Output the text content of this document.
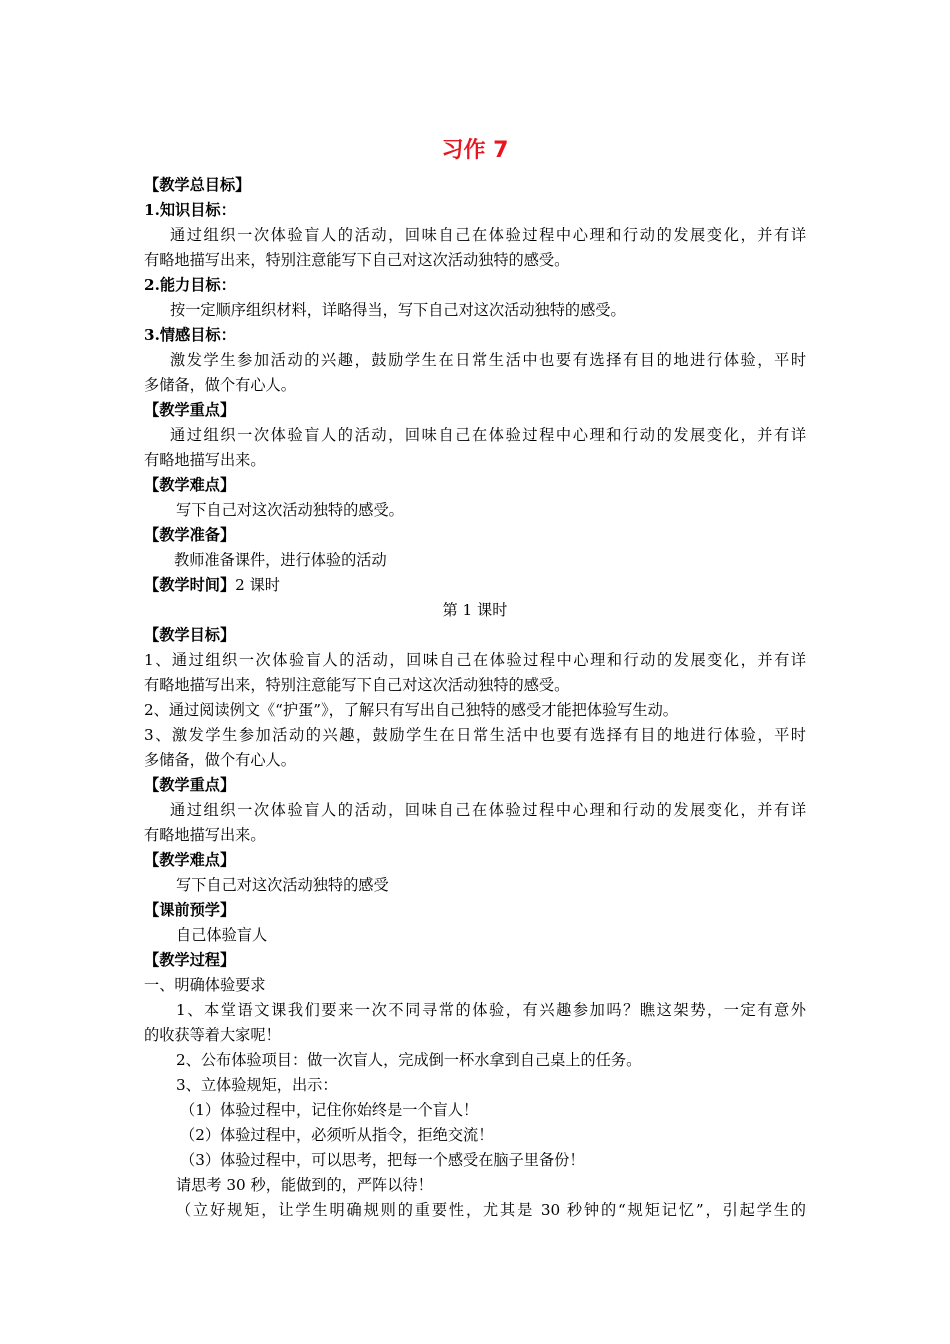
习作 7

【教学总目标】

1.知识目标：

通过组织一次体验盲人的活动，回味自己在体验过程中心理和行动的发展变化，并有详

有略地描写出来，特别注意能写下自己对这次活动独特的感受。

2.能力目标：

按一定顺序组织材料，详略得当，写下自己对这次活动独特的感受。

3.情感目标：

激发学生参加活动的兴趣，鼓励学生在日常生活中也要有选择有目的地进行体验，平时

多储备，做个有心人。

【教学重点】

通过组织一次体验盲人的活动，回味自己在体验过程中心理和行动的发展变化，并有详

有略地描写出来。

【教学难点】

写下自己对这次活动独特的感受。

【教学准备】

教师准备课件，进行体验的活动

【教学时间】2 课时

第 1 课时

【教学目标】

1、通过组织一次体验盲人的活动，回味自己在体验过程中心理和行动的发展变化，并有详

有略地描写出来，特别注意能写下自己对这次活动独特的感受。

2、通过阅读例文《“护蛋”》，了解只有写出自己独特的感受才能把体验写生动。

3、激发学生参加活动的兴趣，鼓励学生在日常生活中也要有选择有目的地进行体验，平时

多储备，做个有心人。

【教学重点】

通过组织一次体验盲人的活动，回味自己在体验过程中心理和行动的发展变化，并有详

有略地描写出来。

【教学难点】

写下自己对这次活动独特的感受

【课前预学】

自己体验盲人

【教学过程】

一、明确体验要求

1、本堂语文课我们要来一次不同寻常的体验，有兴趣参加吗？瞧这架势，一定有意外

的收获等着大家呢！

2、公布体验项目：做一次盲人，完成倒一杯水拿到自己桌上的任务。

3、立体验规矩，出示：

（1）体验过程中，记住你始终是一个盲人！

（2）体验过程中，必须听从指令，拒绝交流！

（3）体验过程中，可以思考，把每一个感受在脑子里备份！

请思考 30 秒，能做到的，严阵以待！

（立好规矩，让学生明确规则的重要性，尤其是 30 秒钟的“规矩记忆”，引起学生的
